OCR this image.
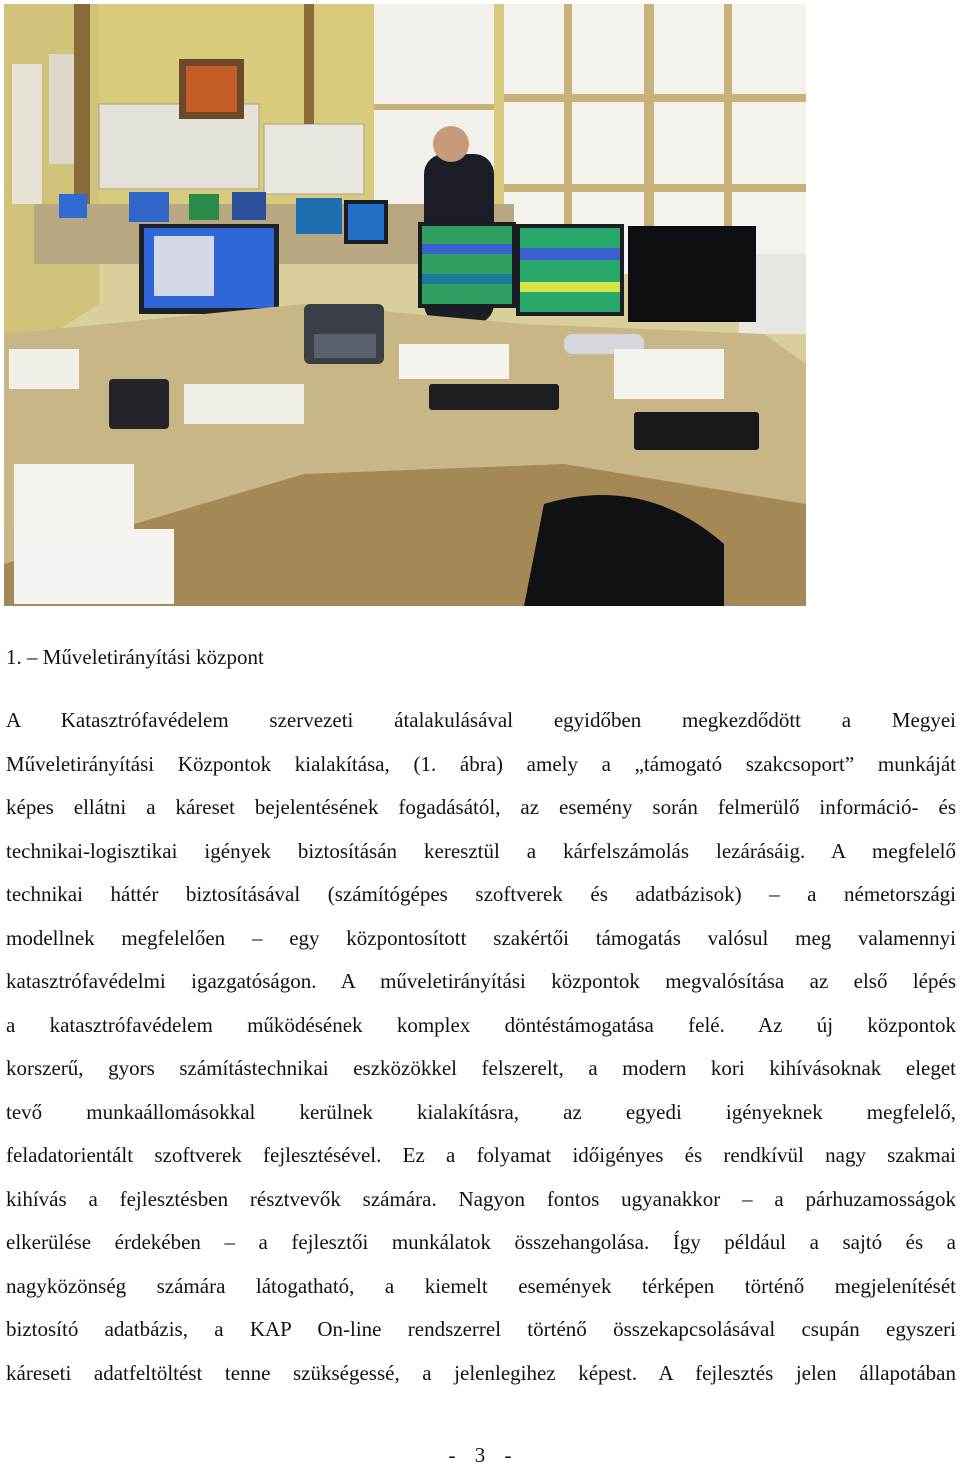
1. – Műveletirányítási központ

A Katasztrófavédelem szervezeti átalakulásával egyidőben megkezdődött a Megyei
Műveletirányítási Központok kialakítása, (1. ábra) amely a „támogató szakcsoport” munkáját
képes ellátni a káreset bejelentésének fogadásától, az esemény során felmerülő információ- és
technikai-logisztikai igények biztosításán keresztül a kárfelszámolás lezárásáig. A megfelelő
technikai háttér biztosításával (számítógépes szoftverek és adatbázisok) – a németországi
modellnek megfelelően – egy központosított szakértői támogatás valósul meg valamennyi
katasztrófavédelmi igazgatóságon. A műveletirányítási központok megvalósítása az első lépés
a katasztrófavédelem működésének komplex döntéstámogatása felé. Az új központok
korszerű, gyors számítástechnikai eszközökkel felszerelt, a modern kori kihívásoknak eleget
tevő munkaállomásokkal kerülnek kialakításra, az egyedi igényeknek megfelelő,
feladatorientált szoftverek fejlesztésével. Ez a folyamat időigényes és rendkívül nagy szakmai
kihívás a fejlesztésben résztvevők számára. Nagyon fontos ugyanakkor – a párhuzamosságok
elkerülése érdekében – a fejlesztői munkálatok összehangolása. Így például a sajtó és a
nagyközönség számára látogatható, a kiemelt események térképen történő megjelenítését
biztosító adatbázis, a KAP On-line rendszerrel történő összekapcsolásával csupán egyszeri
káreseti adatfeltöltést tenne szükségessé, a jelenlegihez képest. A fejlesztés jelen állapotában

- 3 -
